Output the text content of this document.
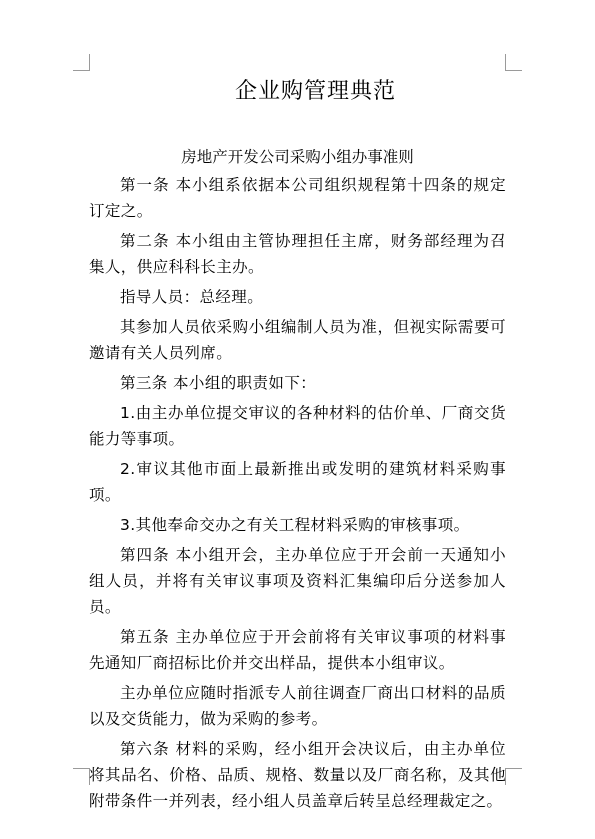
企业购管理典范
房地产开发公司采购小组办事准则

第一条 本小组系依据本公司组织规程第十四条的规定订定之。

第二条 本小组由主管协理担任主席，财务部经理为召集人，供应科科长主办。

指导人员：总经理。

其参加人员依采购小组编制人员为准，但视实际需要可邀请有关人员列席。

第三条 本小组的职责如下：

1.由主办单位提交审议的各种材料的估价单、厂商交货能力等事项。

2.审议其他市面上最新推出或发明的建筑材料采购事项。

3.其他奉命交办之有关工程材料采购的审核事项。

第四条 本小组开会，主办单位应于开会前一天通知小组人员，并将有关审议事项及资料汇集编印后分送参加人员。

第五条 主办单位应于开会前将有关审议事项的材料事先通知厂商招标比价并交出样品，提供本小组审议。

主办单位应随时指派专人前往调查厂商出口材料的品质以及交货能力，做为采购的参考。

第六条 材料的采购，经小组开会决议后，由主办单位将其品名、价格、品质、规格、数量以及厂商名称，及其他附带条件一并列表，经小组人员盖章后转呈总经理裁定之。
